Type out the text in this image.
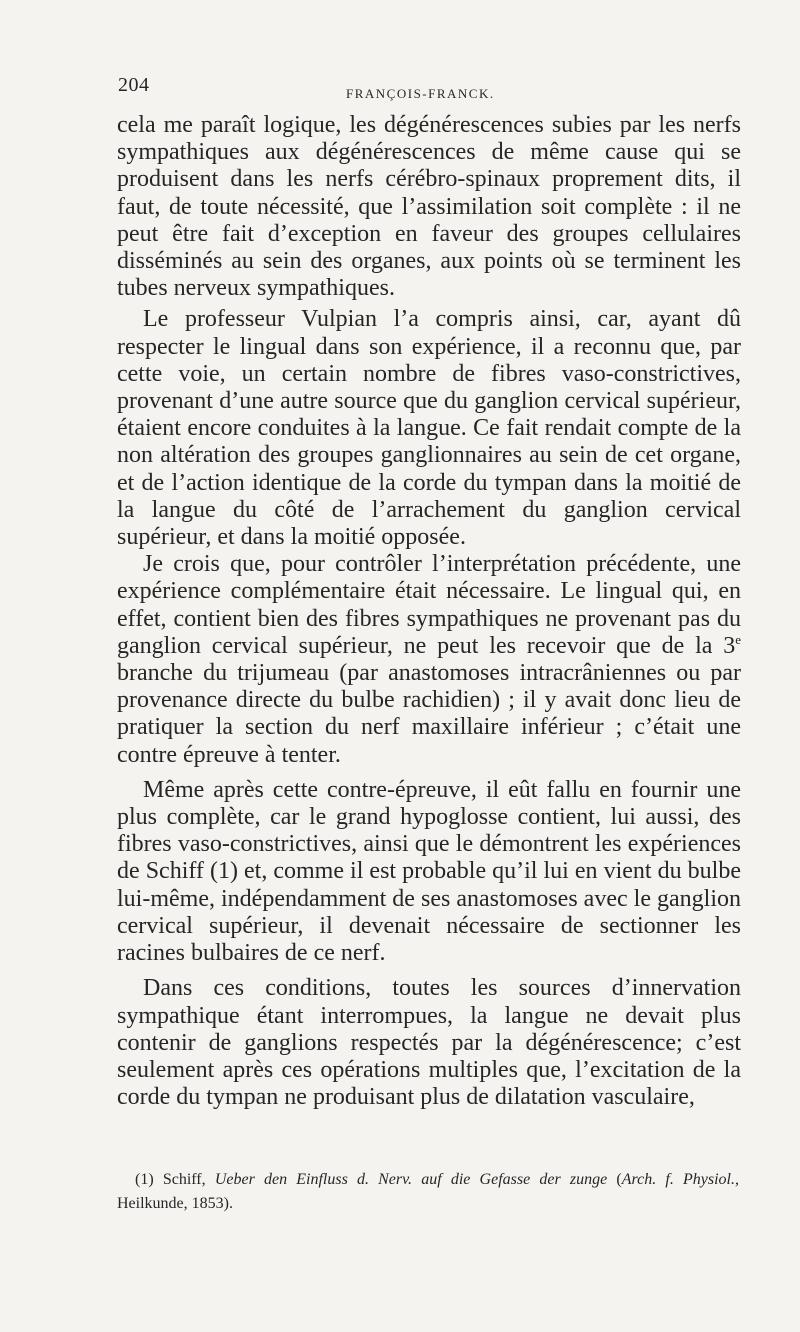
204	FRANÇOIS-FRANCK.

cela me paraît logique, les dégénérescences subies par les nerfs sympathiques aux dégénérescences de même cause qui se produisent dans les nerfs cérébro-spinaux proprement dits, il faut, de toute nécessité, que l’assimilation soit complète : il ne peut être fait d’exception en faveur des groupes cellulaires disséminés au sein des organes, aux points où se terminent les tubes nerveux sympathiques.

Le professeur Vulpian l’a compris ainsi, car, ayant dû respecter le lingual dans son expérience, il a reconnu que, par cette voie, un certain nombre de fibres vaso-constrictives, provenant d’une autre source que du ganglion cervical supérieur, étaient encore conduites à la langue. Ce fait rendait compte de la non altération des groupes ganglionnaires au sein de cet organe, et de l’action identique de la corde du tympan dans la moitié de la langue du côté de l’arrachement du ganglion cervical supérieur, et dans la moitié opposée.

Je crois que, pour contrôler l’interprétation précédente, une expérience complémentaire était nécessaire. Le lingual qui, en effet, contient bien des fibres sympathiques ne provenant pas du ganglion cervical supérieur, ne peut les recevoir que de la 3e branche du trijumeau (par anastomoses intracrâniennes ou par provenance directe du bulbe rachidien) ; il y avait donc lieu de pratiquer la section du nerf maxillaire inférieur ; c’était une contre épreuve à tenter.

Même après cette contre-épreuve, il eût fallu en fournir une plus complète, car le grand hypoglosse contient, lui aussi, des fibres vaso-constrictives, ainsi que le démontrent les expériences de Schiff (1) et, comme il est probable qu’il lui en vient du bulbe lui-même, indépendamment de ses anastomoses avec le ganglion cervical supérieur, il devenait nécessaire de sectionner les racines bulbaires de ce nerf.

Dans ces conditions, toutes les sources d’innervation sympathique étant interrompues, la langue ne devait plus contenir de ganglions respectés par la dégénérescence; c’est seulement après ces opérations multiples que, l’excitation de la corde du tympan ne produisant plus de dilatation vasculaire,

(1) Schiff, Ueber den Einfluss d. Nerv. auf die Gefasse der zunge (Arch. f. Physiol., Heilkunde, 1853).
